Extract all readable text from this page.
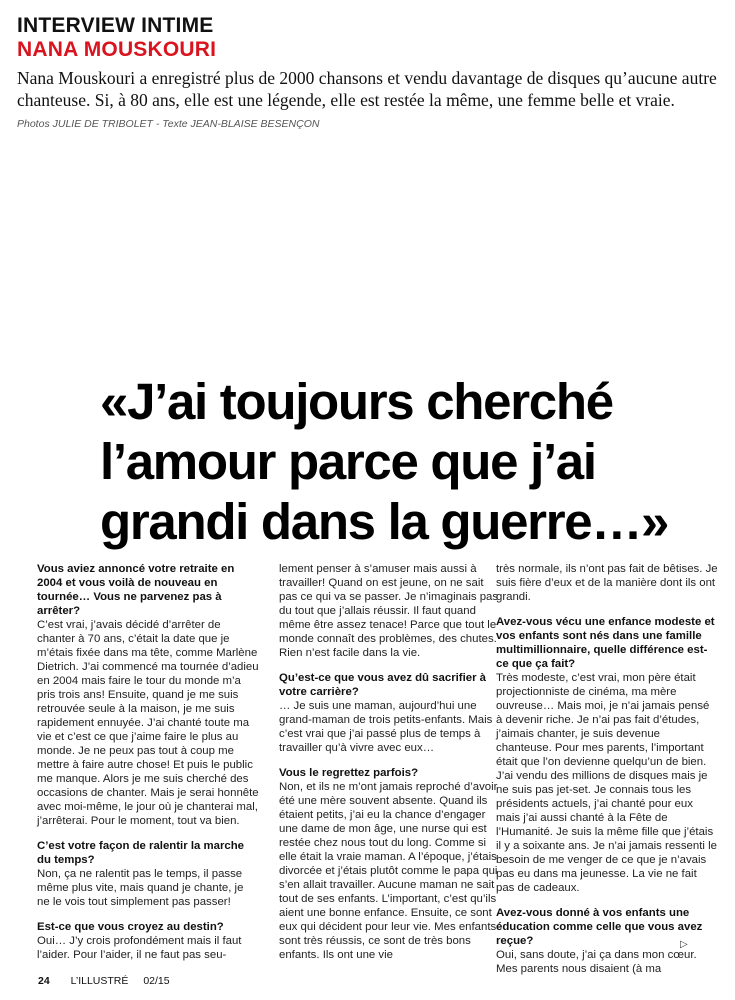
INTERVIEW INTIME

NANA MOUSKOURI

Nana Mouskouri a enregistré plus de 2000 chansons et vendu davantage de disques qu’aucune autre chanteuse. Si, à 80 ans, elle est une légende, elle est restée la même, une femme belle et vraie.

Photos JULIE DE TRIBOLET - Texte JEAN-BLAISE BESENÇON
«J’ai toujours cherché l’amour parce que j’ai grandi dans la guerre…»

Vous aviez annoncé votre retraite en 2004 et vous voilà de nouveau en tournée… Vous ne parvenez pas à arrêter?

C’est vrai, j’avais décidé d’arrêter de chanter à 70 ans, c’était la date que je m’étais fixée dans ma tête, comme Marlène Dietrich. J’ai commencé ma tournée d’adieu en 2004 mais faire le tour du monde m’a pris trois ans! Ensuite, quand je me suis retrouvée seule à la maison, je me suis rapidement ennuyée. J’ai chanté toute ma vie et c’est ce que j’aime faire le plus au monde. Je ne peux pas tout à coup me mettre à faire autre chose! Et puis le public me manque. Alors je me suis cherché des occasions de chanter. Mais je serai honnête avec moi-même, le jour où je chanterai mal, j’arrêterai. Pour le moment, tout va bien.

C’est votre façon de ralentir la marche du temps?

Non, ça ne ralentit pas le temps, il passe même plus vite, mais quand je chante, je ne le vois tout simplement pas passer!

Est-ce que vous croyez au destin?

Oui… J’y crois profondément mais il faut l’aider. Pour l’aider, il ne faut pas seu-

lement penser à s’amuser mais aussi à travailler! Quand on est jeune, on ne sait pas ce qui va se passer. Je n’imaginais pas du tout que j’allais réussir. Il faut quand même être assez tenace! Parce que tout le monde connaît des problèmes, des chutes. Rien n’est facile dans la vie.

Qu’est-ce que vous avez dû sacrifier à votre carrière?

… Je suis une maman, aujourd’hui une grand-maman de trois petits-enfants. Mais c’est vrai que j’ai passé plus de temps à travailler qu’à vivre avec eux…

Vous le regrettez parfois?

Non, et ils ne m’ont jamais reproché d’avoir été une mère souvent absente. Quand ils étaient petits, j’ai eu la chance d’engager une dame de mon âge, une nurse qui est restée chez nous tout du long. Comme si elle était la vraie maman. A l’époque, j’étais divorcée et j’étais plutôt comme le papa qui s’en allait travailler. Aucune maman ne sait tout de ses enfants. L’important, c’est qu’ils aient une bonne enfance. Ensuite, ce sont eux qui décident pour leur vie. Mes enfants sont très réussis, ce sont de très bons enfants. Ils ont une vie

très normale, ils n’ont pas fait de bêtises. Je suis fière d’eux et de la manière dont ils ont grandi.

Avez-vous vécu une enfance modeste et vos enfants sont nés dans une famille multimillionnaire, quelle différence est-ce que ça fait?

Très modeste, c’est vrai, mon père était projectionniste de cinéma, ma mère ouvreuse… Mais moi, je n’ai jamais pensé à devenir riche. Je n’ai pas fait d’études, j’aimais chanter, je suis devenue chanteuse. Pour mes parents, l’important était que l’on devienne quelqu’un de bien. J’ai vendu des millions de disques mais je ne suis pas jet-set. Je connais tous les présidents actuels, j’ai chanté pour eux mais j’ai aussi chanté à la Fête de l’Humanité. Je suis la même fille que j’étais il y a soixante ans. Je n’ai jamais ressenti le besoin de me venger de ce que je n’avais pas eu dans ma jeunesse. La vie ne fait pas de cadeaux.

Avez-vous donné à vos enfants une éducation comme celle que vous avez reçue?

Oui, sans doute, j’ai ça dans mon cœur. Mes parents nous disaient (à ma

▷
24 L’ILLUSTRÉ 02/15
